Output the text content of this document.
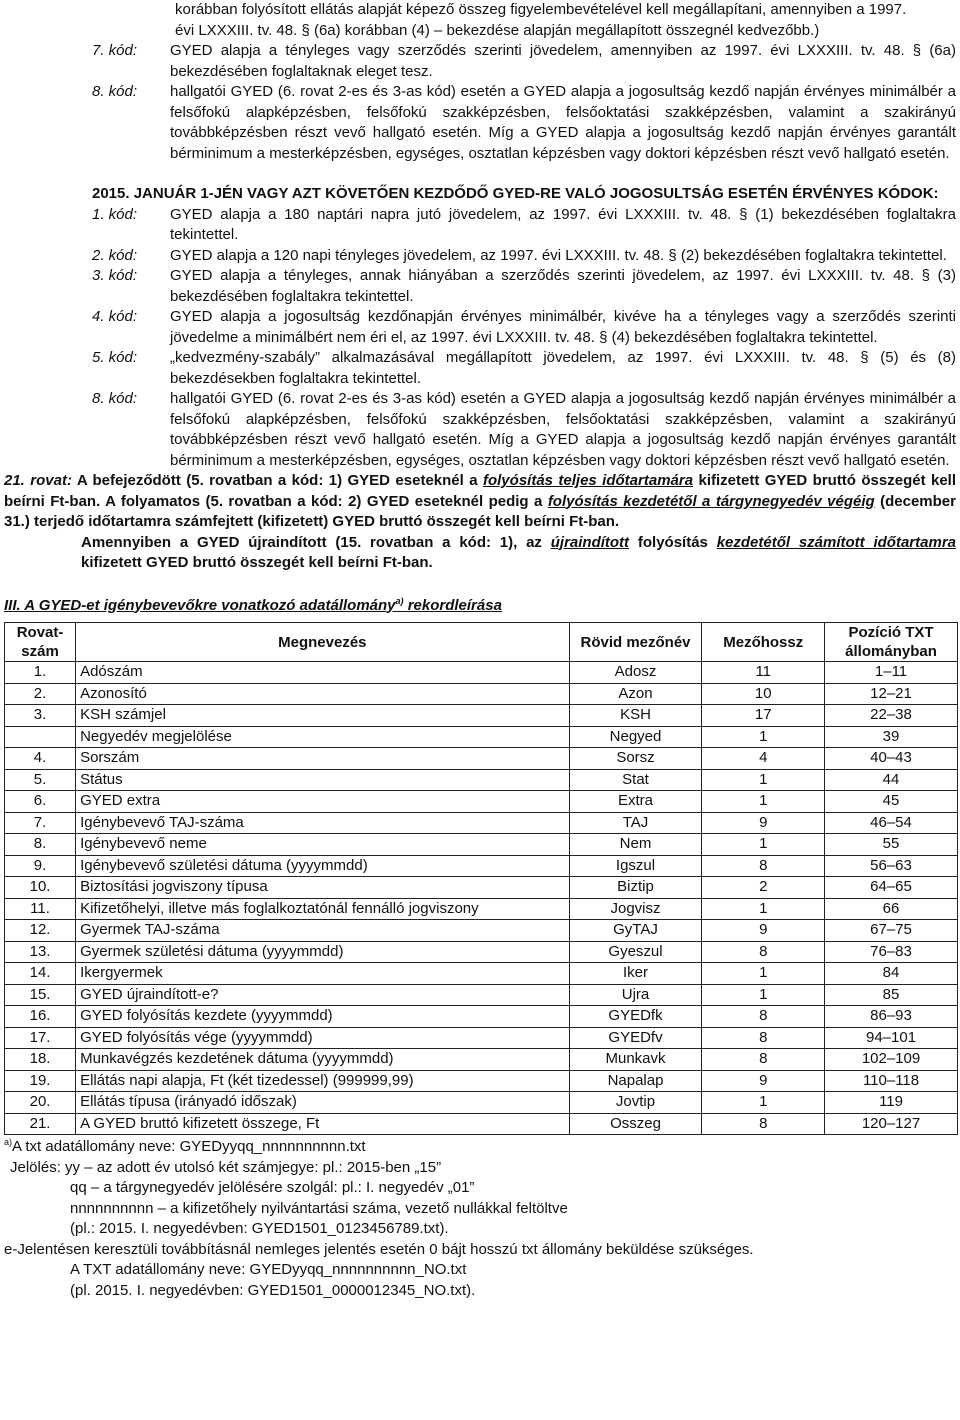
korábban folyósított ellátás alapját képező összeg figyelembevételével kell megállapítani, amennyiben a 1997.
évi LXXXIII. tv. 48. § (6a) korábban (4) – bekezdése alapján megállapított összegnél kedvezőbb.)
7. kód:	GYED alapja a tényleges vagy szerződés szerinti jövedelem, amennyiben az 1997. évi LXXXIII. tv. 48. § (6a) bekezdésében foglaltaknak eleget tesz.
8. kód:	hallgatói GYED (6. rovat 2-es és 3-as kód) esetén a GYED alapja a jogosultság kezdő napján érvényes minimálbér a felsőfokú alapképzésben, felsőfokú szakképzésben, felsőoktatási szakképzésben, valamint a szakirányú továbbképzésben részt vevő hallgató esetén. Míg a GYED alapja a jogosultság kezdő napján érvényes garantált bérminimum a mesterképzésben, egységes, osztatlan képzésben vagy doktori képzésben részt vevő hallgató esetén.
2015. JANUÁR 1-JÉN VAGY AZT KÖVETŐEN KEZDŐDŐ GYED-RE VALÓ JOGOSULTSÁG ESETÉN ÉRVÉNYES KÓDOK:
1. kód:	GYED alapja a 180 naptári napra jutó jövedelem, az 1997. évi LXXXIII. tv. 48. § (1) bekezdésében foglaltakra tekintettel.
2. kód:	GYED alapja a 120 napi tényleges jövedelem, az 1997. évi LXXXIII. tv. 48. § (2) bekezdésében foglaltakra tekintettel.
3. kód:	GYED alapja a tényleges, annak hiányában a szerződés szerinti jövedelem, az 1997. évi LXXXIII. tv. 48. § (3) bekezdésében foglaltakra tekintettel.
4. kód:	GYED alapja a jogosultság kezdőnapján érvényes minimálbér, kivéve ha a tényleges vagy a szerződés szerinti jövedelme a minimálbért nem éri el, az 1997. évi LXXXIII. tv. 48. § (4) bekezdésében foglaltakra tekintettel.
5. kód:	„kedvezmény-szabály” alkalmazásával megállapított jövedelem, az 1997. évi LXXXIII. tv. 48. § (5) és (8) bekezdésekben foglaltakra tekintettel.
8. kód:	hallgatói GYED (6. rovat 2-es és 3-as kód) esetén a GYED alapja a jogosultság kezdő napján érvényes minimálbér a felsőfokú alapképzésben, felsőfokú szakképzésben, felsőoktatási szakképzésben, valamint a szakirányú továbbképzésben részt vevő hallgató esetén. Míg a GYED alapja a jogosultság kezdő napján érvényes garantált bérminimum a mesterképzésben, egységes, osztatlan képzésben vagy doktori képzésben részt vevő hallgató esetén.
21. rovat: A befejeződött (5. rovatban a kód: 1) GYED eseteknél a folyósítás teljes időtartamára kifizetett GYED bruttó összegét kell beírni Ft-ban. A folyamatos (5. rovatban a kód: 2) GYED eseteknél pedig a folyósítás kezdetétől a tárgynegyedév végéig (december 31.) terjedő időtartamra számfejtett (kifizetett) GYED bruttó összegét kell beírni Ft-ban.
Amennyiben a GYED újraindított (15. rovatban a kód: 1), az újraindított folyósítás kezdetétől számított időtartamra kifizetett GYED bruttó összegét kell beírni Ft-ban.
III. A GYED-et igénybevevőkre vonatkozó adatállomány$^{a)}$ rekordleírása
Rovat-szám	Megnevezés	Rövid mezőnév	Mezőhossz	Pozíció TXT állományban
1.	Adószám	Adosz	11	1–11
2.	Azonosító	Azon	10	12–21
3.	KSH számjel	KSH	17	22–38
	Negyedév megjelölése	Negyed	1	39
4.	Sorszám	Sorsz	4	40–43
5.	Státus	Stat	1	44
6.	GYED extra	Extra	1	45
7.	Igénybevevő TAJ-száma	TAJ	9	46–54
8.	Igénybevevő neme	Nem	1	55
9.	Igénybevevő születési dátuma (yyyymmdd)	Igszul	8	56–63
10.	Biztosítási jogviszony típusa	Biztip	2	64–65
11.	Kifizetőhelyi, illetve más foglalkoztatónál fennálló jogviszony	Jogvisz	1	66
12.	Gyermek TAJ-száma	GyTAJ	9	67–75
13.	Gyermek születési dátuma (yyyymmdd)	Gyeszul	8	76–83
14.	Ikergyermek	Iker	1	84
15.	GYED újraindított-e?	Ujra	1	85
16.	GYED folyósítás kezdete (yyyymmdd)	GYEDfk	8	86–93
17.	GYED folyósítás vége (yyyymmdd)	GYEDfv	8	94–101
18.	Munkavégzés kezdetének dátuma (yyyymmdd)	Munkavk	8	102–109
19.	Ellátás napi alapja, Ft (két tizedessel) (999999,99)	Napalap	9	110–118
20.	Ellátás típusa (irányadó időszak)	Jovtip	1	119
21.	A GYED bruttó kifizetett összege, Ft	Osszeg	8	120–127
$^{a)}$A txt adatállomány neve: GYEDyyqq_nnnnnnnnnn.txt
Jelölés: yy – az adott év utolsó két számjegye: pl.: 2015-ben „15”
qq – a tárgynegyedév jelölésére szolgál: pl.: I. negyedév „01”
nnnnnnnnnn – a kifizetőhely nyilvántartási száma, vezető nullákkal feltöltve
(pl.: 2015. I. negyedévben: GYED1501_0123456789.txt).
e-Jelentésen keresztüli továbbításnál nemleges jelentés esetén 0 bájt hosszú txt állomány beküldése szükséges.
A TXT adatállomány neve: GYEDyyqq_nnnnnnnnnn_NO.txt
(pl. 2015. I. negyedévben: GYED1501_0000012345_NO.txt).
